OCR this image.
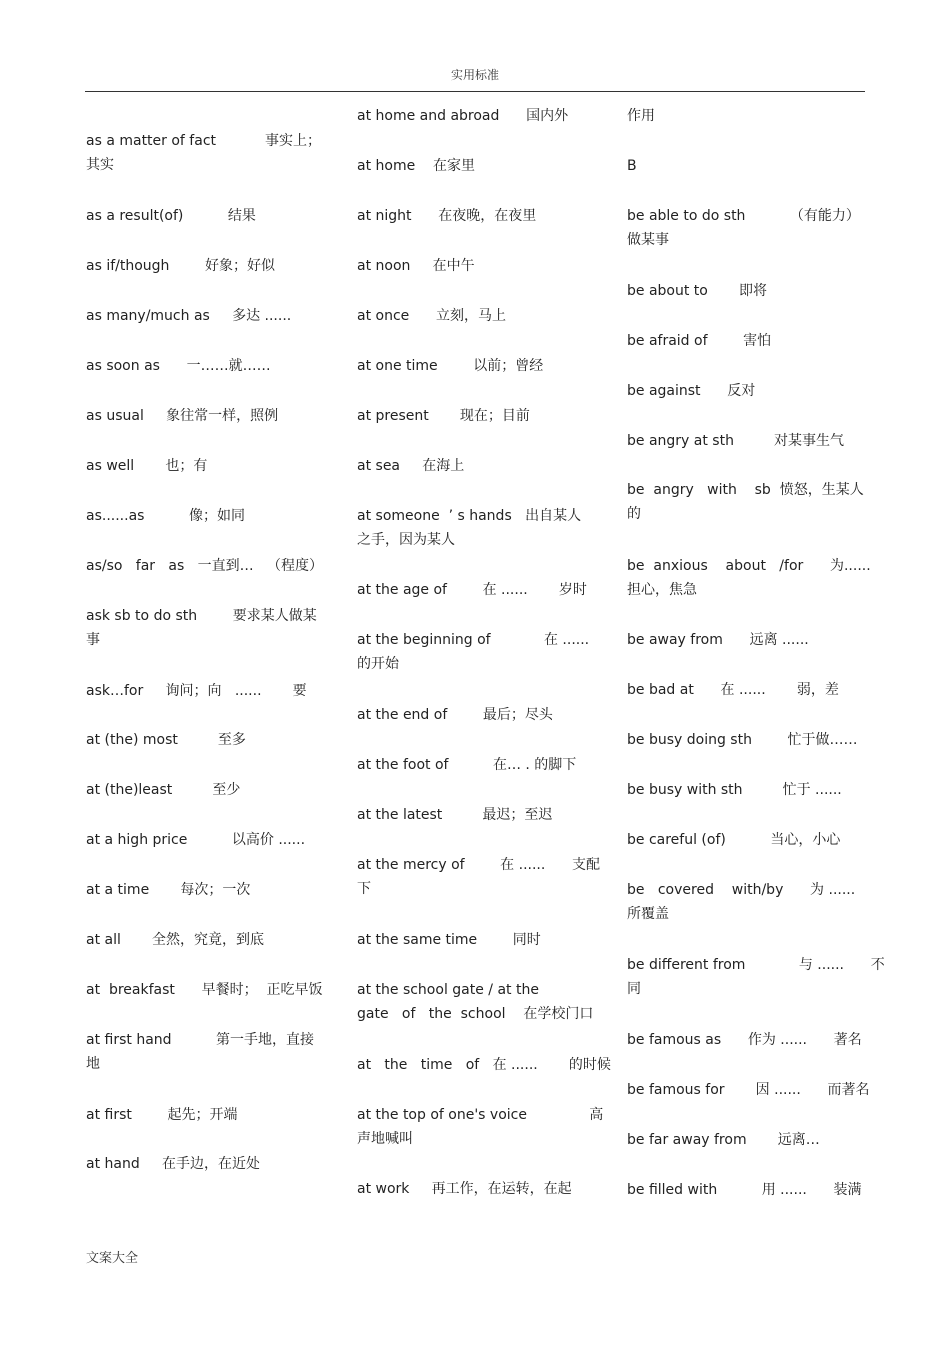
实用标准
as a matter of fact           事实上；
其实
as a result(of)          结果
as if/though        好象；好似
as many/much as     多达 ......
as soon as      一……就……
as usual     象往常一样，照例
as well       也；有
as......as          像；如同
as/so   far   as   一直到…   （程度）
ask sb to do sth        要求某人做某
事
ask…for     询问；向   ......       要
at (the) most         至多
at (the)least         至少
at a high price          以高价 ......
at a time       每次；一次
at all       全然，究竟，到底
at  breakfast      早餐时；  正吃早饭
at first hand          第一手地，直接
地
at first        起先；开端
at hand     在手边，在近处
at home and abroad      国内外
at home    在家里
at night      在夜晚，在夜里
at noon     在中午
at once      立刻，马上
at one time        以前；曾经
at present       现在；目前
at sea     在海上
at someone  ’ s hands   出自某人
之手，因为某人
at the age of        在 ......       岁时
at the beginning of            在 ......
的开始
at the end of        最后；尽头
at the foot of          在… . 的脚下
at the latest         最迟；至迟
at the mercy of        在 ......      支配
下
at the same time        同时
at the school gate / at the
gate   of   the  school    在学校门口
at   the   time   of   在 ......       的时候
at the top of one's voice              高
声地喊叫
at work     再工作，在运转，在起
作用
B
be able to do sth          （有能力）
做某事
be about to       即将
be afraid of        害怕
be against      反对
be angry at sth         对某事生气
be  angry   with    sb  愤怒，生某人
的
be  anxious    about   /for      为......
担心，焦急
be away from      远离 ......
be bad at      在 ......       弱，差
be busy doing sth        忙于做……
be busy with sth         忙于 ......
be careful (of)          当心，小心
be   covered    with/by      为 ......
所覆盖
be different from            与 ......      不
同
be famous as      作为 ......      著名
be famous for       因 ......      而著名
be far away from       远离…
be filled with          用 ......      装满
文案大全
